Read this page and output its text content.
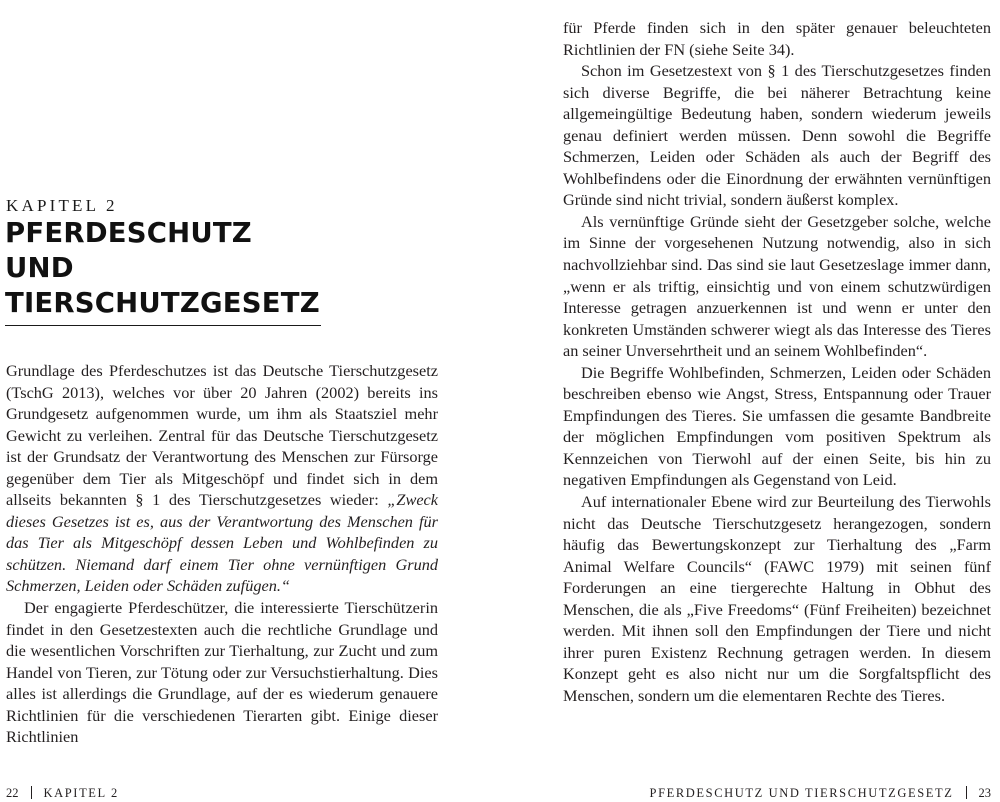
KAPITEL 2
PFERDESCHUTZ UND
TIERSCHUTZGESETZ

Grundlage des Pferdeschutzes ist das Deutsche Tierschutzgesetz (TschG 2013), welches vor über 20 Jahren (2002) bereits ins Grundgesetz aufgenommen wurde, um ihm als Staatsziel mehr Gewicht zu verleihen. Zentral für das Deutsche Tierschutzgesetz ist der Grundsatz der Verantwortung des Menschen zur Fürsorge gegenüber dem Tier als Mitgeschöpf und findet sich in dem allseits bekannten § 1 des Tierschutzgesetzes wieder: „Zweck dieses Gesetzes ist es, aus der Verantwortung des Menschen für das Tier als Mitgeschöpf dessen Leben und Wohlbefinden zu schützen. Niemand darf einem Tier ohne vernünftigen Grund Schmerzen, Leiden oder Schäden zufügen.“

Der engagierte Pferdeschützer, die interessierte Tierschützerin findet in den Gesetzestexten auch die rechtliche Grundlage und die wesentlichen Vorschriften zur Tierhaltung, zur Zucht und zum Handel von Tieren, zur Tötung oder zur Versuchstierhaltung. Dies alles ist allerdings die Grundlage, auf der es wiederum genauere Richtlinien für die verschiedenen Tierarten gibt. Einige dieser Richtlinien

22 KAPITEL 2

für Pferde finden sich in den später genauer beleuchteten Richtlinien der FN (siehe Seite 34).

Schon im Gesetzestext von § 1 des Tierschutzgesetzes finden sich diverse Begriffe, die bei näherer Betrachtung keine allgemeingültige Bedeutung haben, sondern wiederum jeweils genau definiert werden müssen. Denn sowohl die Begriffe Schmerzen, Leiden oder Schäden als auch der Begriff des Wohlbefindens oder die Einordnung der erwähnten vernünftigen Gründe sind nicht trivial, sondern äußerst komplex.

Als vernünftige Gründe sieht der Gesetzgeber solche, welche im Sinne der vorgesehenen Nutzung notwendig, also in sich nachvollziehbar sind. Das sind sie laut Gesetzeslage immer dann, „wenn er als triftig, einsichtig und von einem schutzwürdigen Interesse getragen anzuerkennen ist und wenn er unter den konkreten Umständen schwerer wiegt als das Interesse des Tieres an seiner Unversehrtheit und an seinem Wohlbefinden“.

Die Begriffe Wohlbefinden, Schmerzen, Leiden oder Schäden beschreiben ebenso wie Angst, Stress, Entspannung oder Trauer Empfindungen des Tieres. Sie umfassen die gesamte Bandbreite der möglichen Empfindungen vom positiven Spektrum als Kennzeichen von Tierwohl auf der einen Seite, bis hin zu negativen Empfindungen als Gegenstand von Leid.

Auf internationaler Ebene wird zur Beurteilung des Tierwohls nicht das Deutsche Tierschutzgesetz herangezogen, sondern häufig das Bewertungskonzept zur Tierhaltung des „Farm Animal Welfare Councils“ (FAWC 1979) mit seinen fünf Forderungen an eine tiergerechte Haltung in Obhut des Menschen, die als „Five Freedoms“ (Fünf Freiheiten) bezeichnet werden. Mit ihnen soll den Empfindungen der Tiere und nicht ihrer puren Existenz Rechnung getragen werden. In diesem Konzept geht es also nicht nur um die Sorgfaltspflicht des Menschen, sondern um die elementaren Rechte des Tieres.

PFERDESCHUTZ UND TIERSCHUTZGESETZ 23
